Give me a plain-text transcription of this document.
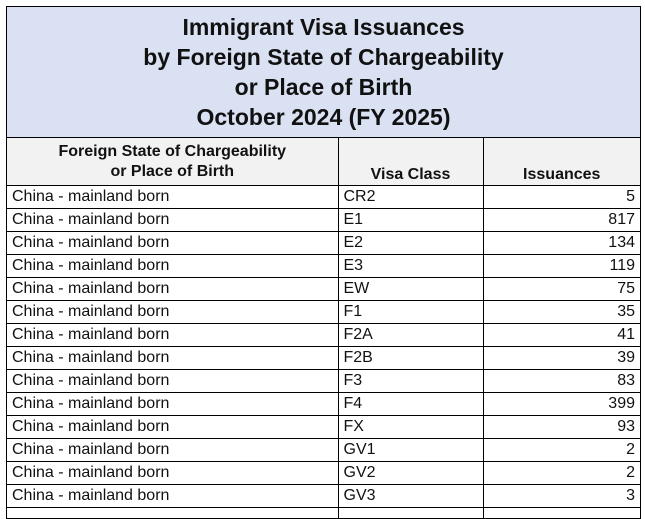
Immigrant Visa Issuances
by Foreign State of Chargeability
or Place of Birth
October 2024 (FY 2025)
Foreign State of Chargeability
or Place of Birth	Visa Class	Issuances
China - mainland born	CR2	5
China - mainland born	E1	817
China - mainland born	E2	134
China - mainland born	E3	119
China - mainland born	EW	75
China - mainland born	F1	35
China - mainland born	F2A	41
China - mainland born	F2B	39
China - mainland born	F3	83
China - mainland born	F4	399
China - mainland born	FX	93
China - mainland born	GV1	2
China - mainland born	GV2	2
China - mainland born	GV3	3
